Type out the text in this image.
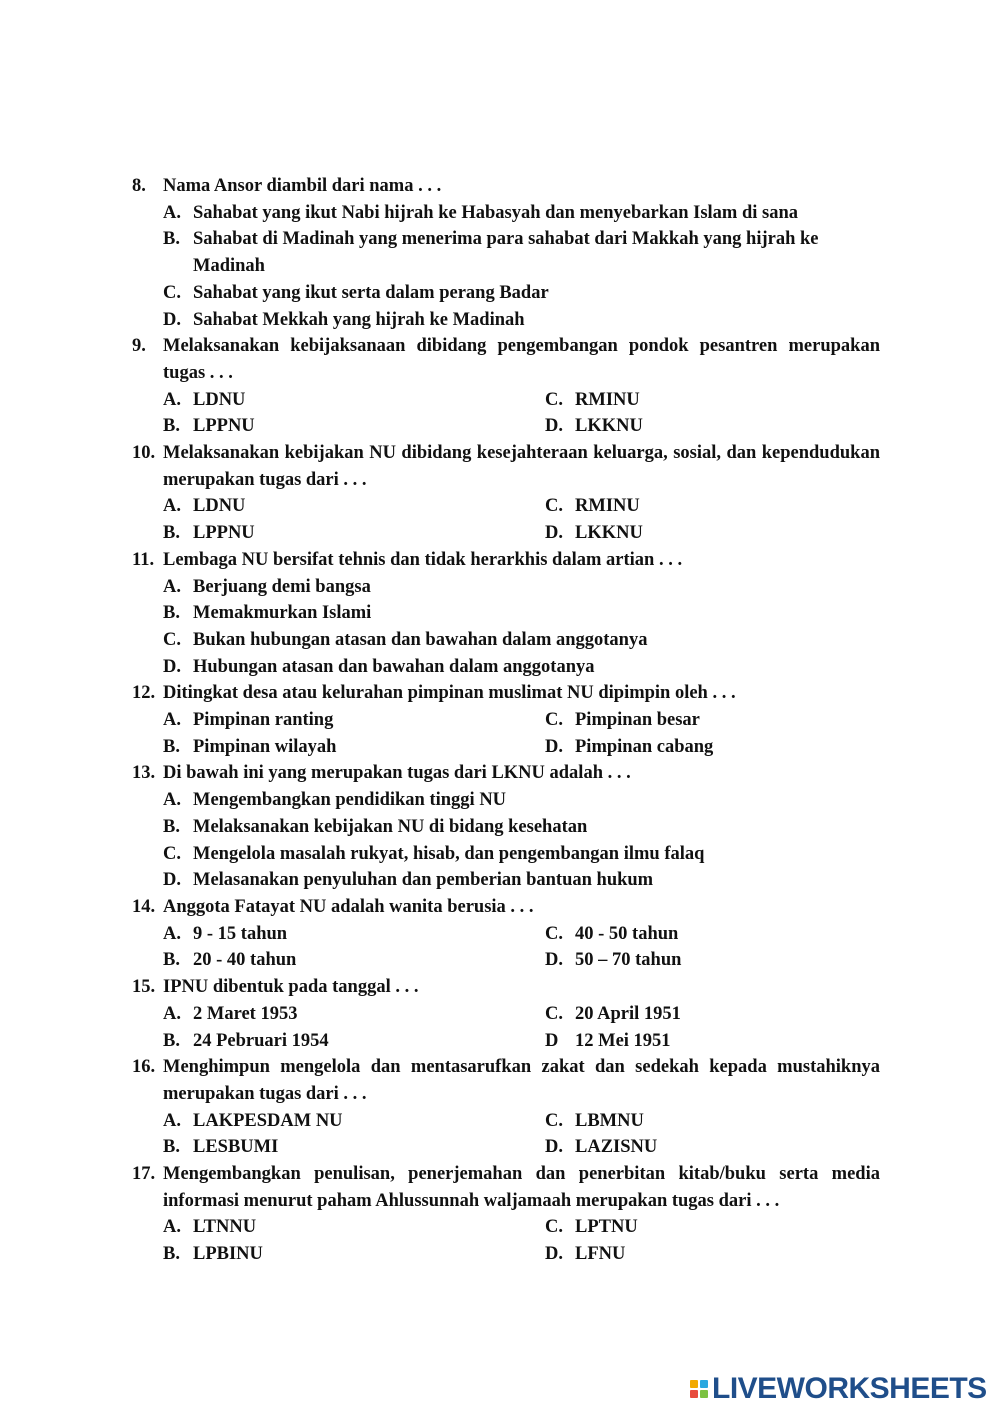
8. Nama Ansor diambil dari nama . . .
A. Sahabat yang ikut Nabi hijrah ke Habasyah dan menyebarkan Islam di sana
B. Sahabat di Madinah yang menerima para sahabat dari Makkah yang hijrah ke Madinah
C. Sahabat yang ikut serta dalam perang Badar
D. Sahabat Mekkah yang hijrah ke Madinah
9. Melaksanakan kebijaksanaan dibidang pengembangan pondok pesantren merupakan tugas . . .
A. LDNU	C. RMINU
B. LPPNU	D. LKKNU
10. Melaksanakan kebijakan NU dibidang kesejahteraan keluarga, sosial, dan kependudukan merupakan tugas dari . . .
A. LDNU	C. RMINU
B. LPPNU	D. LKKNU
11. Lembaga NU bersifat tehnis dan tidak herarkhis dalam artian . . .
A. Berjuang demi bangsa
B. Memakmurkan Islami
C. Bukan hubungan atasan dan bawahan dalam anggotanya
D. Hubungan atasan dan bawahan dalam anggotanya
12. Ditingkat desa atau kelurahan pimpinan muslimat NU dipimpin oleh . . .
A. Pimpinan ranting	C. Pimpinan besar
B. Pimpinan wilayah	D. Pimpinan cabang
13. Di bawah ini yang merupakan tugas dari LKNU adalah . . .
A. Mengembangkan pendidikan tinggi NU
B. Melaksanakan kebijakan NU di bidang kesehatan
C. Mengelola masalah rukyat, hisab, dan pengembangan ilmu falaq
D. Melasanakan penyuluhan dan pemberian bantuan hukum
14. Anggota Fatayat NU adalah wanita berusia . . .
A. 9 - 15 tahun	C. 40 - 50 tahun
B. 20 - 40 tahun	D. 50 – 70 tahun
15. IPNU dibentuk pada tanggal . . .
A. 2 Maret 1953	C. 20 April 1951
B. 24 Pebruari 1954	D 12 Mei 1951
16. Menghimpun mengelola dan mentasarufkan zakat dan sedekah kepada mustahiknya merupakan tugas dari . . .
A. LAKPESDAM NU	C. LBMNU
B. LESBUMI	D. LAZISNU
17. Mengembangkan penulisan, penerjemahan dan penerbitan kitab/buku serta media informasi menurut paham Ahlussunnah waljamaah merupakan tugas dari . . .
A. LTNNU	C. LPTNU
B. LPBINU	D. LFNU
LIVEWORKSHEETS
